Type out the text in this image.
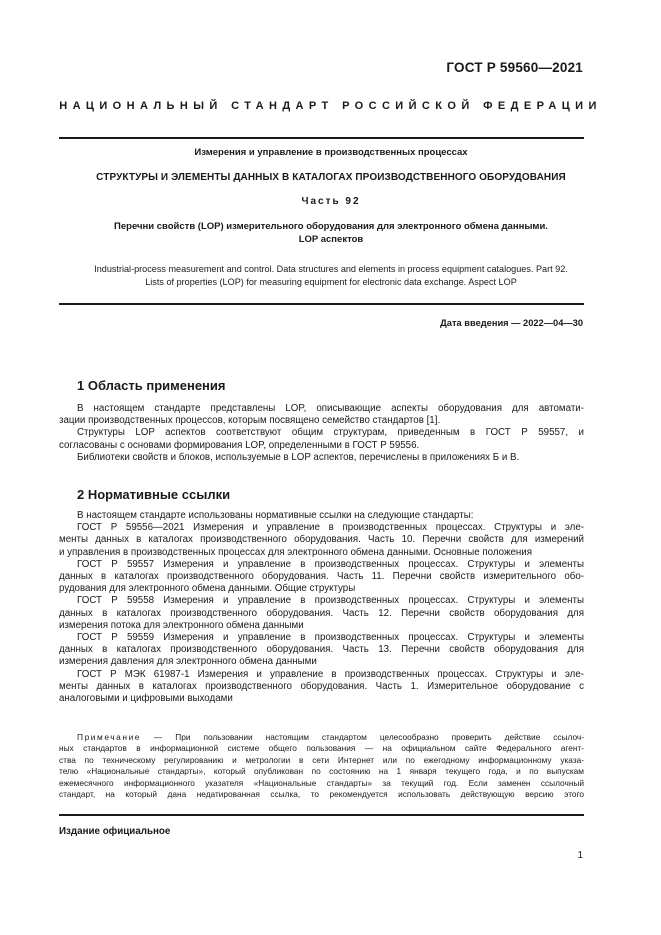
ГОСТ Р 59560—2021
НАЦИОНАЛЬНЫЙ СТАНДАРТ РОССИЙСКОЙ ФЕДЕРАЦИИ
Измерения и управление в производственных процессах
СТРУКТУРЫ И ЭЛЕМЕНТЫ ДАННЫХ В КАТАЛОГАХ ПРОИЗВОДСТВЕННОГО ОБОРУДОВАНИЯ
Часть 92
Перечни свойств (LOP) измерительного оборудования для электронного обмена данными.
LOP аспектов
Industrial-process measurement and control. Data structures and elements in process equipment catalogues. Part 92.
Lists of properties (LOP) for measuring equipment for electronic data exchange. Aspect LOP
Дата введения — 2022—04—30
1 Область применения
В настоящем стандарте представлены LOP, описывающие аспекты оборудования для автомати-
зации производственных процессов, которым посвящено семейство стандартов [1].
Структуры LOP аспектов соответствуют общим структурам, приведенным в ГОСТ Р 59557, и
согласованы с основами формирования LOP, определенными в ГОСТ Р 59556.
Библиотеки свойств и блоков, используемые в LOP аспектов, перечислены в приложениях Б и В.
2 Нормативные ссылки
В настоящем стандарте использованы нормативные ссылки на следующие стандарты:
ГОСТ Р 59556—2021 Измерения и управление в производственных процессах. Структуры и эле-
менты данных в каталогах производственного оборудования. Часть 10. Перечни свойств для измерений
и управления в производственных процессах для электронного обмена данными. Основные положения
ГОСТ Р 59557 Измерения и управление в производственных процессах. Структуры и элементы
данных в каталогах производственного оборудования. Часть 11. Перечни свойств измерительного обо-
рудования для электронного обмена данными. Общие структуры
ГОСТ Р 59558 Измерения и управление в производственных процессах. Структуры и элементы
данных в каталогах производственного оборудования. Часть 12. Перечни свойств оборудования для
измерения потока для электронного обмена данными
ГОСТ Р 59559 Измерения и управление в производственных процессах. Структуры и элементы
данных в каталогах производственного оборудования. Часть 13. Перечни свойств оборудования для
измерения давления для электронного обмена данными
ГОСТ Р МЭК 61987-1 Измерения и управление в производственных процессах. Структуры и эле-
менты данных в каталогах производственного оборудования. Часть 1. Измерительное оборудование с
аналоговыми и цифровыми выходами
Примечание — При пользовании настоящим стандартом целесообразно проверить действие ссылоч-
ных стандартов в информационной системе общего пользования — на официальном сайте Федерального агент-
ства по техническому регулированию и метрологии в сети Интернет или по ежегодному информационному указа-
телю «Национальные стандарты», который опубликован по состоянию на 1 января текущего года, и по выпускам
ежемесячного информационного указателя «Национальные стандарты» за текущий год. Если заменен ссылочный
стандарт, на который дана недатированная ссылка, то рекомендуется использовать действующую версию этого
Издание официальное
1
